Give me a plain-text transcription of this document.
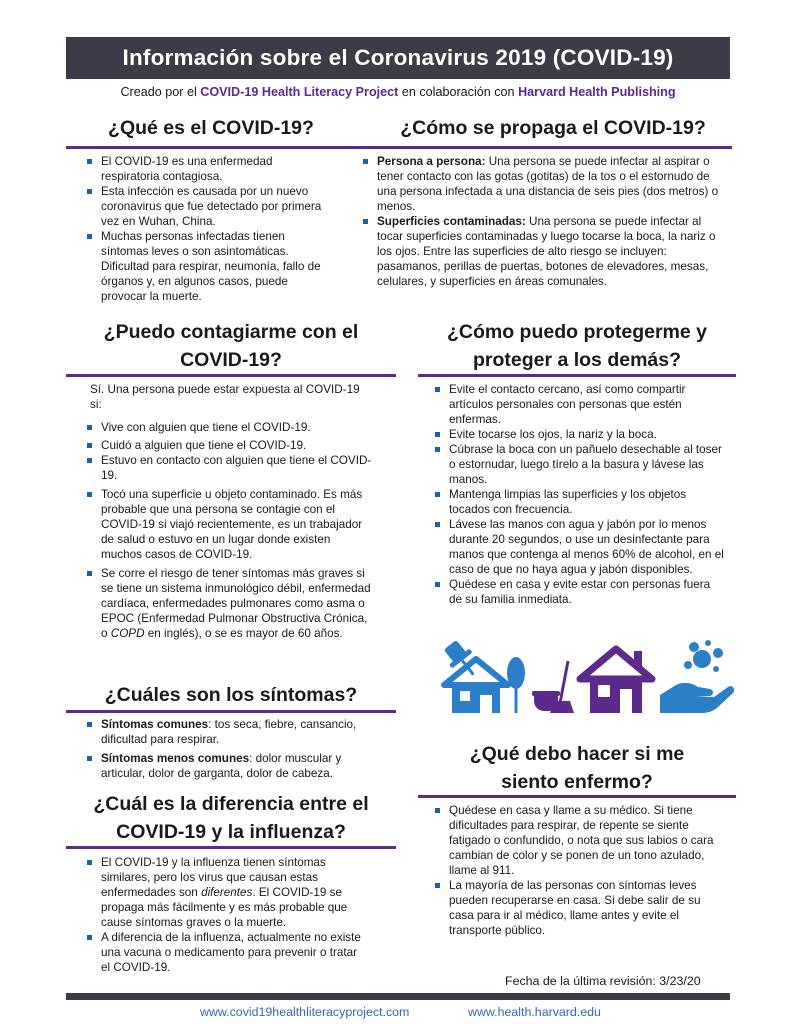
Información sobre el Coronavirus 2019 (COVID-19)
Creado por el COVID-19 Health Literacy Project en colaboración con Harvard Health Publishing
¿Qué es el COVID-19?
El COVID-19 es una enfermedad respiratoria contagiosa.
Esta infección es causada por un nuevo coronavirus que fue detectado por primera vez en Wuhan, China.
Muchas personas infectadas tienen síntomas leves o son asintomáticas. Dificultad para respirar, neumonía, fallo de órganos y, en algunos casos, puede provocar la muerte.
¿Cómo se propaga el COVID-19?
Persona a persona: Una persona se puede infectar al aspirar o tener contacto con las gotas (gotitas) de la tos o el estornudo de una persona infectada a una distancia de seis pies (dos metros) o menos.
Superficies contaminadas: Una persona se puede infectar al tocar superficies contaminadas y luego tocarse la boca, la nariz o los ojos. Entre las superficies de alto riesgo se incluyen: pasamanos, perillas de puertas, botones de elevadores, mesas, celulares, y superficies en áreas comunales.
¿Puedo contagiarme con el
COVID-19?
Sí. Una persona puede estar expuesta al COVID-19 si:
Vive con alguien que tiene el COVID-19.
Cuidó a alguien que tiene el COVID-19.
Estuvo en contacto con alguien que tiene el COVID-19.
Tocó una superficie u objeto contaminado. Es más probable que una persona se contagie con el COVID-19 si viajó recientemente, es un trabajador de salud o estuvo en un lugar donde existen muchos casos de COVID-19.
Se corre el riesgo de tener síntomas más graves si se tiene un sistema inmunológico débil, enfermedad cardíaca, enfermedades pulmonares como asma o EPOC (Enfermedad Pulmonar Obstructiva Crónica, o COPD en inglés), o se es mayor de 60 años.
¿Cómo puedo protegerme y
proteger a los demás?
Evite el contacto cercano, así como compartir artículos personales con personas que estén enfermas.
Evite tocarse los ojos, la nariz y la boca.
Cúbrase la boca con un pañuelo desechable al toser o estornudar, luego tírelo a la basura y lávese las manos.
Mantenga limpias las superficies y los objetos tocados con frecuencia.
Lávese las manos con agua y jabón por lo menos durante 20 segundos, o use un desinfectante para manos que contenga al menos 60% de alcohol, en el caso de que no haya agua y jabón disponibles.
Quédese en casa y evite estar con personas fuera de su familia inmediata.
¿Cuáles son los síntomas?
Síntomas comunes: tos seca, fiebre, cansancio, dificultad para respirar.
Síntomas menos comunes: dolor muscular y articular, dolor de garganta, dolor de cabeza.
¿Cuál es la diferencia entre el
COVID-19 y la influenza?
El COVID-19 y la influenza tienen síntomas similares, pero los virus que causan estas enfermedades son diferentes. El COVID-19 se propaga más fácilmente y es más probable que cause síntomas graves o la muerte.
A diferencia de la influenza, actualmente no existe una vacuna o medicamento para prevenir o tratar el COVID-19.
¿Qué debo hacer si me
siento enfermo?
Quédese en casa y llame a su médico. Si tiene dificultades para respirar, de repente se siente fatigado o confundido, o nota que sus labios o cara cambian de color y se ponen de un tono azulado, llame al 911.
La mayoría de las personas con síntomas leves pueden recuperarse en casa. Si debe salir de su casa para ir al médico, llame antes y evite el transporte público.
Fecha de la última revisión: 3/23/20
www.covid19healthliteracyproject.com	www.health.harvard.edu
